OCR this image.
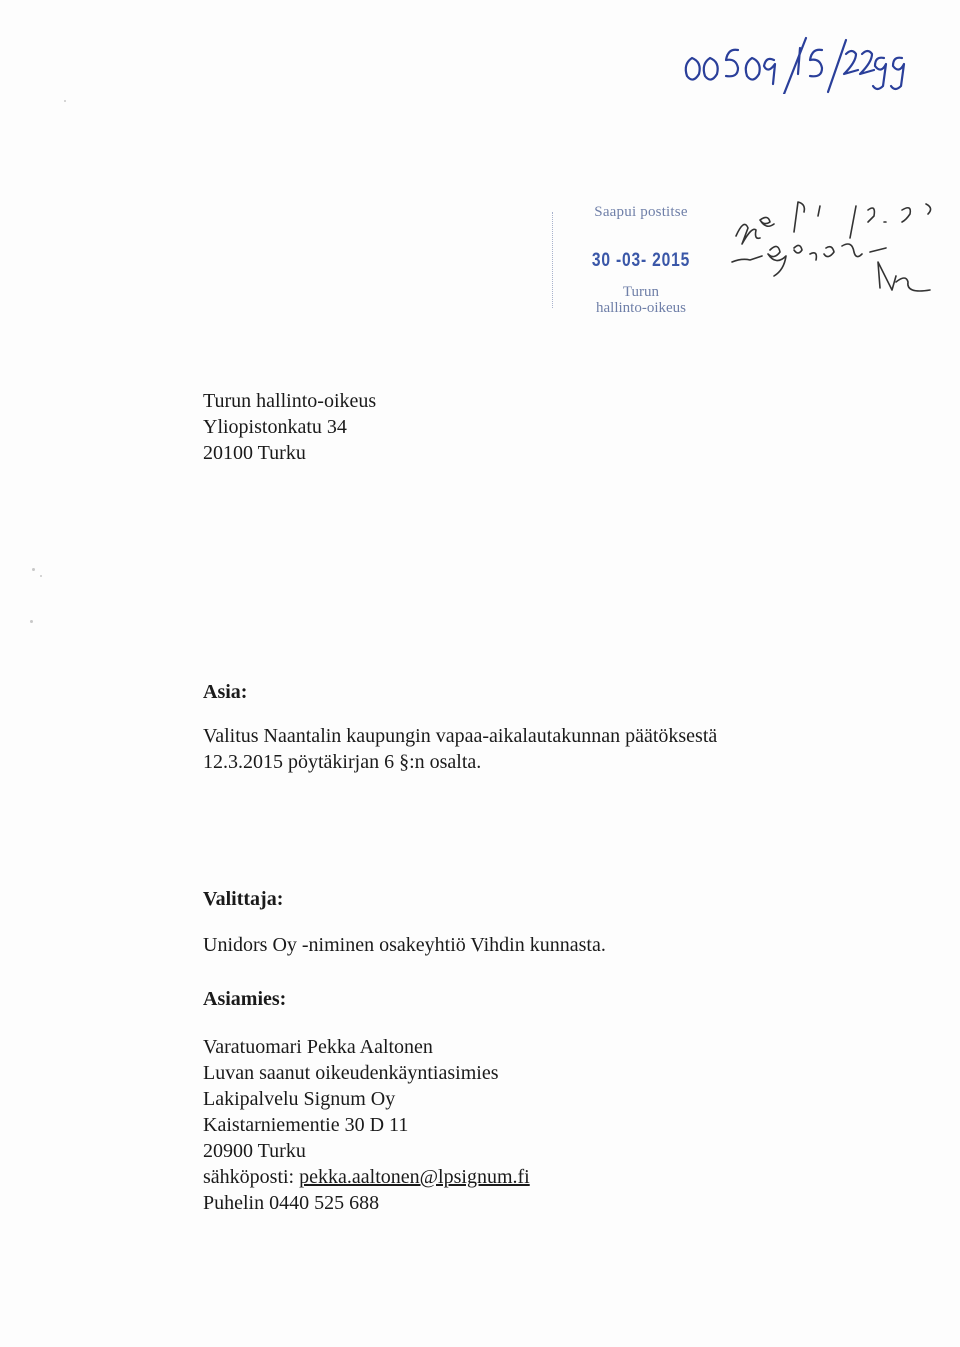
Saapui postitse
30 -03- 2015
Turun
hallinto-oikeus
Turun hallinto-oikeus
Yliopistonkatu 34
20100 Turku
Asia:
Valitus Naantalin kaupungin vapaa-aikalautakunnan päätöksestä
12.3.2015 pöytäkirjan 6 §:n osalta.
Valittaja:
Unidors Oy -niminen osakeyhtiö Vihdin kunnasta.
Asiamies:
Varatuomari Pekka Aaltonen
Luvan saanut oikeudenkäyntiasimies
Lakipalvelu Signum Oy
Kaistarniementie 30 D 11
20900 Turku
sähköposti: pekka.aaltonen@lpsignum.fi
Puhelin 0440 525 688
